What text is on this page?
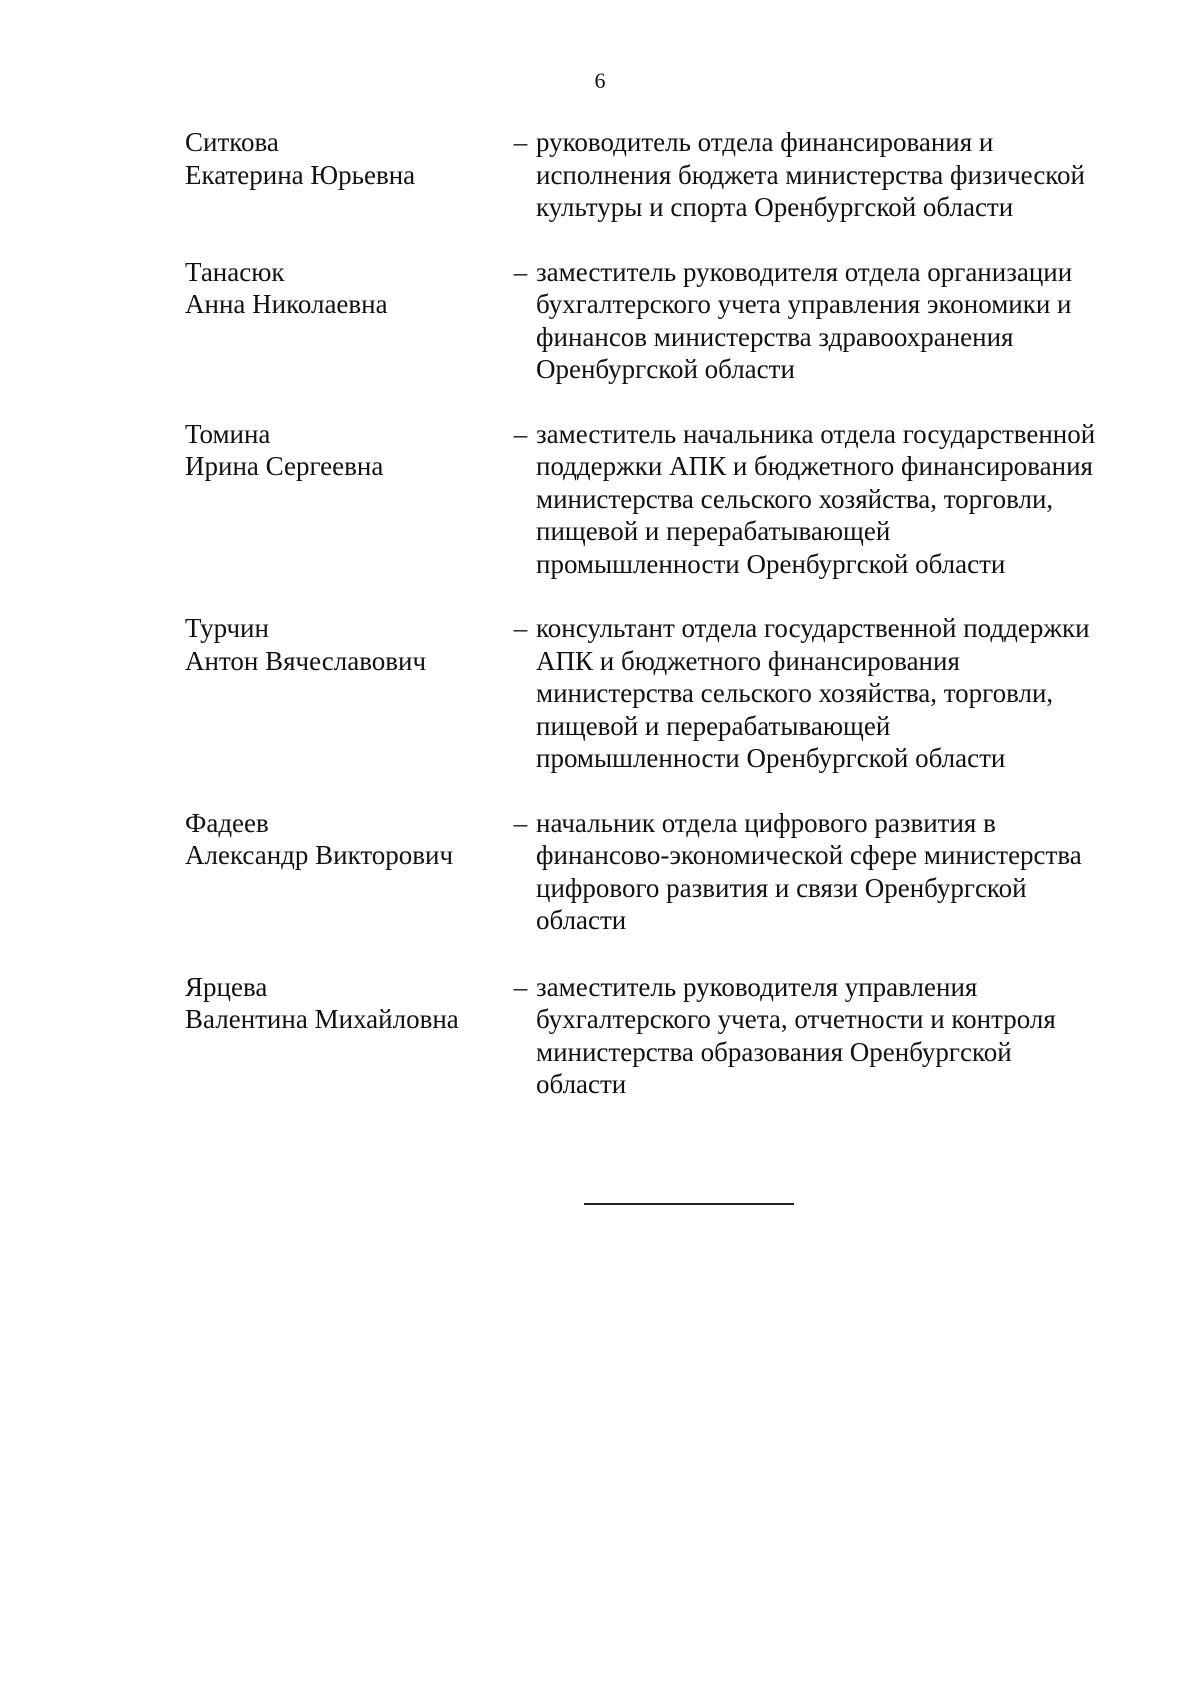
6
Ситкова
Екатерина Юрьевна
– руководитель отдела финансирования и
исполнения бюджета министерства физической
культуры и спорта Оренбургской области
Танасюк
Анна Николаевна
– заместитель руководителя отдела организации
бухгалтерского учета управления экономики и
финансов министерства здравоохранения
Оренбургской области
Томина
Ирина Сергеевна
– заместитель начальника отдела государственной
поддержки АПК и бюджетного финансирования
министерства сельского хозяйства, торговли,
пищевой и перерабатывающей
промышленности Оренбургской области
Турчин
Антон Вячеславович
– консультант отдела государственной поддержки
АПК и бюджетного финансирования
министерства сельского хозяйства, торговли,
пищевой и перерабатывающей
промышленности Оренбургской области
Фадеев
Александр Викторович
– начальник отдела цифрового развития в
финансово-экономической сфере министерства
цифрового развития и связи Оренбургской
области
Ярцева
Валентина Михайловна
– заместитель руководителя управления
бухгалтерского учета, отчетности и контроля
министерства образования Оренбургской
области
